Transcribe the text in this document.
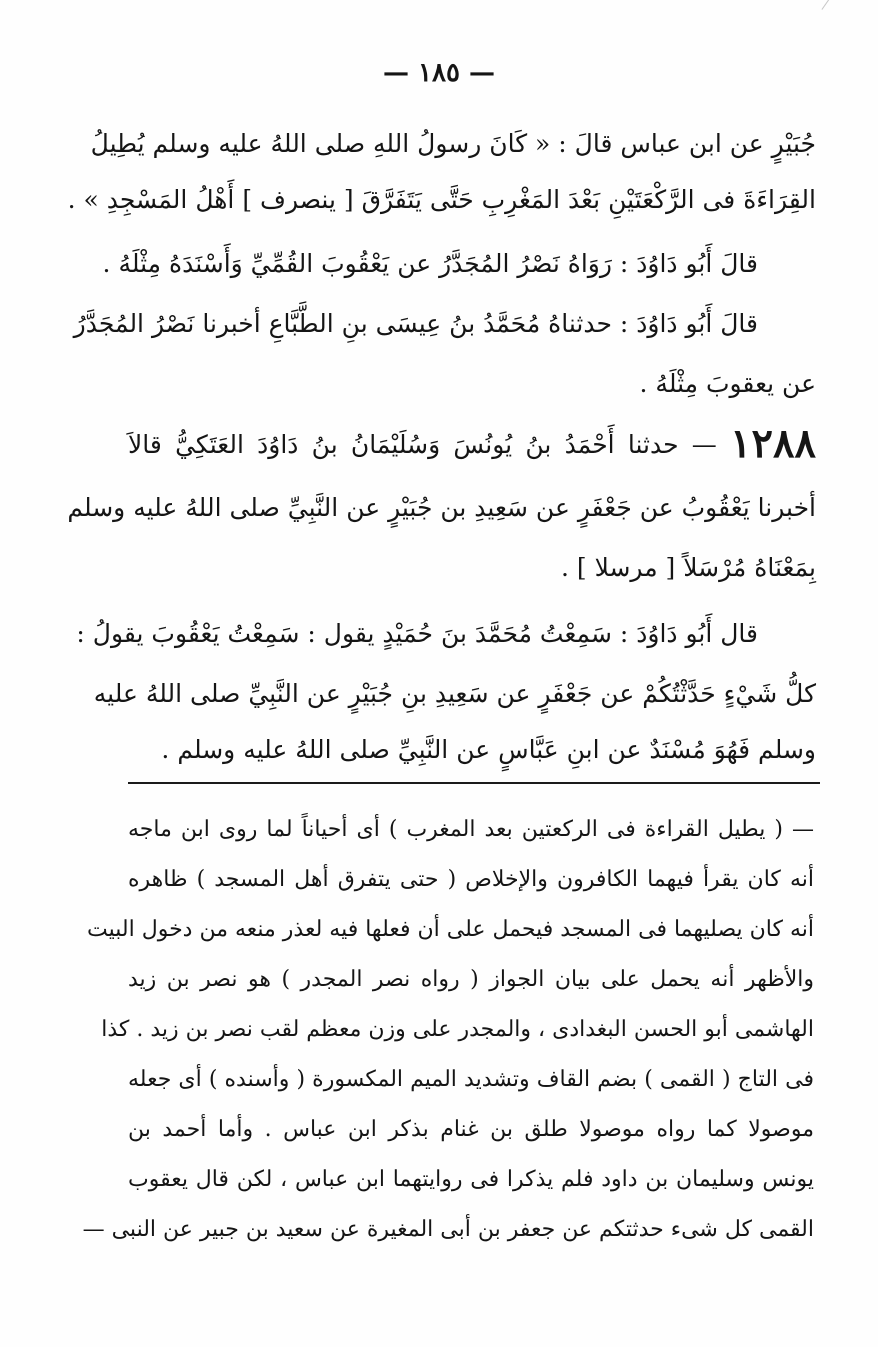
— ١٨٥ —
جُبَيْرٍ عن ابن عباس قالَ : « كَانَ رسولُ اللهِ صلى اللهُ عليه وسلم يُطِيلُ
القِرَاءَةَ فى الرَّكْعَتَيْنِ بَعْدَ المَغْرِبِ حَتَّى يَتَفَرَّقَ [ ينصرف ] أَهْلُ المَسْجِدِ » .
قالَ أَبُو دَاوُدَ : رَوَاهُ نَصْرُ المُجَدَّرُ عن يَعْقُوبَ القُمِّيِّ وَأَسْنَدَهُ مِثْلَهُ .
قالَ أَبُو دَاوُدَ : حدثناهُ مُحَمَّدُ بنُ عِيسَى بنِ الطَّبَّاعِ أخبرنا نَصْرُ المُجَدَّرُ
عن يعقوبَ مِثْلَهُ .
١٢٨٨ — حدثنا أَحْمَدُ بنُ يُونُسَ وَسُلَيْمَانُ بنُ دَاوُدَ العَتَكِيُّ قالاَ
أخبرنا يَعْقُوبُ عن جَعْفَرٍ عن سَعِيدِ بن جُبَيْرٍ عن النَّبِيِّ صلى اللهُ عليه وسلم
بِمَعْنَاهُ مُرْسَلاً [ مرسلا ] .
قال أَبُو دَاوُدَ : سَمِعْتُ مُحَمَّدَ بنَ حُمَيْدٍ يقول : سَمِعْتُ يَعْقُوبَ يقولُ :
كلُّ شَيْءٍ حَدَّثْتُكُمْ عن جَعْفَرٍ عن سَعِيدِ بنِ جُبَيْرٍ عن النَّبِيِّ صلى اللهُ عليه
وسلم فَهُوَ مُسْنَدٌ عن ابنِ عَبَّاسٍ عن النَّبِيِّ صلى اللهُ عليه وسلم .
— ( يطيل القراءة فى الركعتين بعد المغرب ) أى أحياناً لما روى ابن ماجه
أنه كان يقرأ فيهما الكافرون والإخلاص ( حتى يتفرق أهل المسجد ) ظاهره
أنه كان يصليهما فى المسجد فيحمل على أن فعلها فيه لعذر منعه من دخول البيت
والأظهر أنه يحمل على بيان الجواز ( رواه نصر المجدر ) هو نصر بن زيد
الهاشمى أبو الحسن البغدادى ، والمجدر على وزن معظم لقب نصر بن زيد . كذا
فى التاج ( القمى ) بضم القاف وتشديد الميم المكسورة ( وأسنده ) أى جعله
موصولا كما رواه موصولا طلق بن غنام بذكر ابن عباس . وأما أحمد بن
يونس وسليمان بن داود فلم يذكرا فى روايتهما ابن عباس ، لكن قال يعقوب
القمى كل شىء حدثتكم عن جعفر بن أبى المغيرة عن سعيد بن جبير عن النبى —
